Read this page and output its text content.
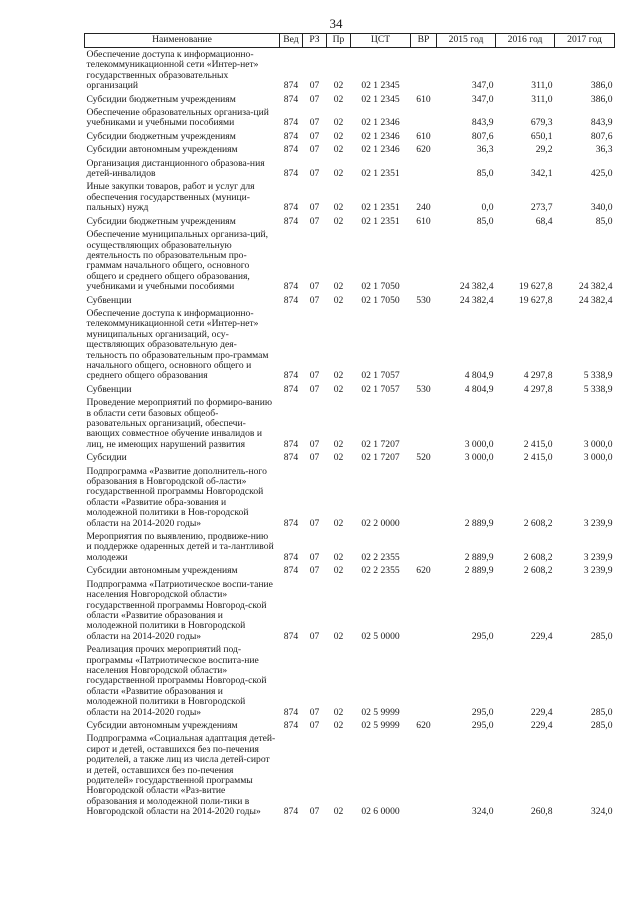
34
Наименование	Вед	РЗ	Пр	ЦСТ	ВР	2015 год	2016 год	2017 год
Обеспечение доступа к информационно-телекоммуникационной сети «Интер-нет» государственных образовательных организаций	874	07	02	02 1 2345		347,0	311,0	386,0
Субсидии бюджетным учреждениям	874	07	02	02 1 2345	610	347,0	311,0	386,0
Обеспечение образовательных организа-ций учебниками и учебными пособиями	874	07	02	02 1 2346		843,9	679,3	843,9
Субсидии бюджетным учреждениям	874	07	02	02 1 2346	610	807,6	650,1	807,6
Субсидии автономным учреждениям	874	07	02	02 1 2346	620	36,3	29,2	36,3
Организация дистанционного образова-ния детей-инвалидов	874	07	02	02 1 2351		85,0	342,1	425,0
Иные закупки товаров, работ и услуг для обеспечения государственных (муници-пальных) нужд	874	07	02	02 1 2351	240	0,0	273,7	340,0
Субсидии бюджетным учреждениям	874	07	02	02 1 2351	610	85,0	68,4	85,0
Обеспечение муниципальных организа-ций, осуществляющих образовательную деятельность по образовательным про-граммам начального общего, основного общего и среднего общего образования, учебниками и учебными пособиями	874	07	02	02 1 7050		24 382,4	19 627,8	24 382,4
Субвенции	874	07	02	02 1 7050	530	24 382,4	19 627,8	24 382,4
Обеспечение доступа к информационно-телекоммуникационной сети «Интер-нет» муниципальных организаций, осу-ществляющих образовательную дея-тельность по образовательным про-граммам начального общего, основного общего и среднего общего образования	874	07	02	02 1 7057		4 804,9	4 297,8	5 338,9
Субвенции	874	07	02	02 1 7057	530	4 804,9	4 297,8	5 338,9
Проведение мероприятий по формиро-ванию в области сети базовых общеоб-разовательных организаций, обеспечи-вающих совместное обучение инвалидов и лиц, не имеющих нарушений развития	874	07	02	02 1 7207		3 000,0	2 415,0	3 000,0
Субсидии	874	07	02	02 1 7207	520	3 000,0	2 415,0	3 000,0
Подпрограмма «Развитие дополнитель-ного образования в Новгородской об-ласти» государственной программы Новгородской области «Развитие обра-зования и молодежной политики в Нов-городской области на 2014-2020 годы»	874	07	02	02 2 0000		2 889,9	2 608,2	3 239,9
Мероприятия по выявлению, продвиже-нию и поддержке одаренных детей и та-лантливой молодежи	874	07	02	02 2 2355		2 889,9	2 608,2	3 239,9
Субсидии автономным учреждениям	874	07	02	02 2 2355	620	2 889,9	2 608,2	3 239,9
Подпрограмма «Патриотическое воспи-тание населения Новгородской области» государственной программы Новгород-ской области «Развитие образования и молодежной политики в Новгородской области на 2014-2020 годы»	874	07	02	02 5 0000		295,0	229,4	285,0
Реализация прочих мероприятий под-программы «Патриотическое воспита-ние населения Новгородской области» государственной программы Новгород-ской области «Развитие образования и молодежной политики в Новгородской области на 2014-2020 годы»	874	07	02	02 5 9999		295,0	229,4	285,0
Субсидии автономным учреждениям	874	07	02	02 5 9999	620	295,0	229,4	285,0
Подпрограмма «Социальная адаптация детей-сирот и детей, оставшихся без по-печения родителей, а также лиц из числа детей-сирот и детей, оставшихся без по-печения родителей» государственной программы Новгородской области «Раз-витие образования и молодежной поли-тики в Новгородской области на 2014-2020 годы»	874	07	02	02 6 0000		324,0	260,8	324,0
